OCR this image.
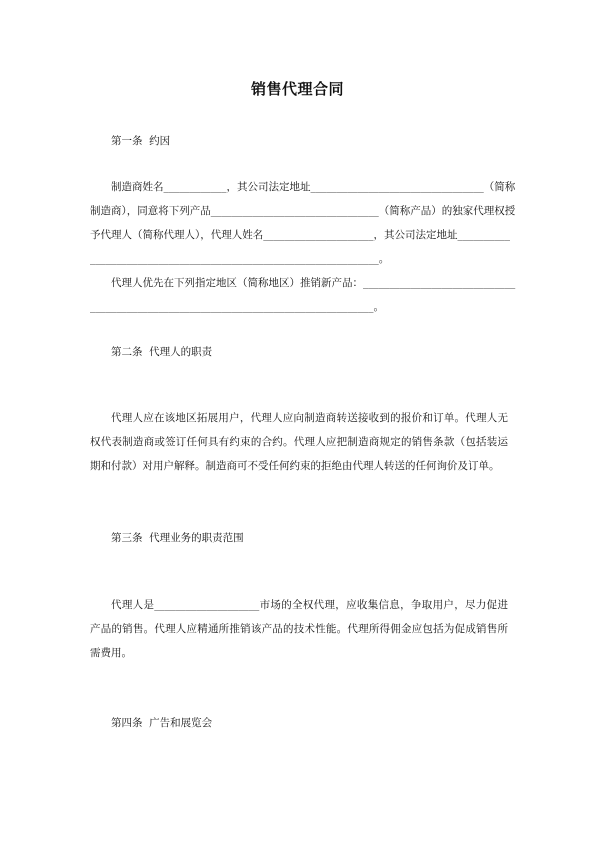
销售代理合同
第一条  约因
　　制造商姓名____________，其公司法定地址_________________________________（简称
制造商），同意将下列产品________________________________（简称产品）的独家代理权授
予代理人（简称代理人），代理人姓名_____________________，其公司法定地址__________
_______________________________________________________。
　　代理人优先在下列指定地区（简称地区）推销新产品：_____________________________
______________________________________________________。
第二条  代理人的职责
代理人应在该地区拓展用户，代理人应向制造商转送接收到的报价和订单。代理人无权代表制造商或签订任何具有约束的合约。代理人应把制造商规定的销售条款（包括装运期和付款）对用户解释。制造商可不受任何约束的拒绝由代理人转送的任何询价及订单。
第三条  代理业务的职责范围
代理人是____________________市场的全权代理，应收集信息，争取用户，尽力促进产品的销售。代理人应精通所推销该产品的技术性能。代理所得佣金应包括为促成销售所需费用。
第四条  广告和展览会
